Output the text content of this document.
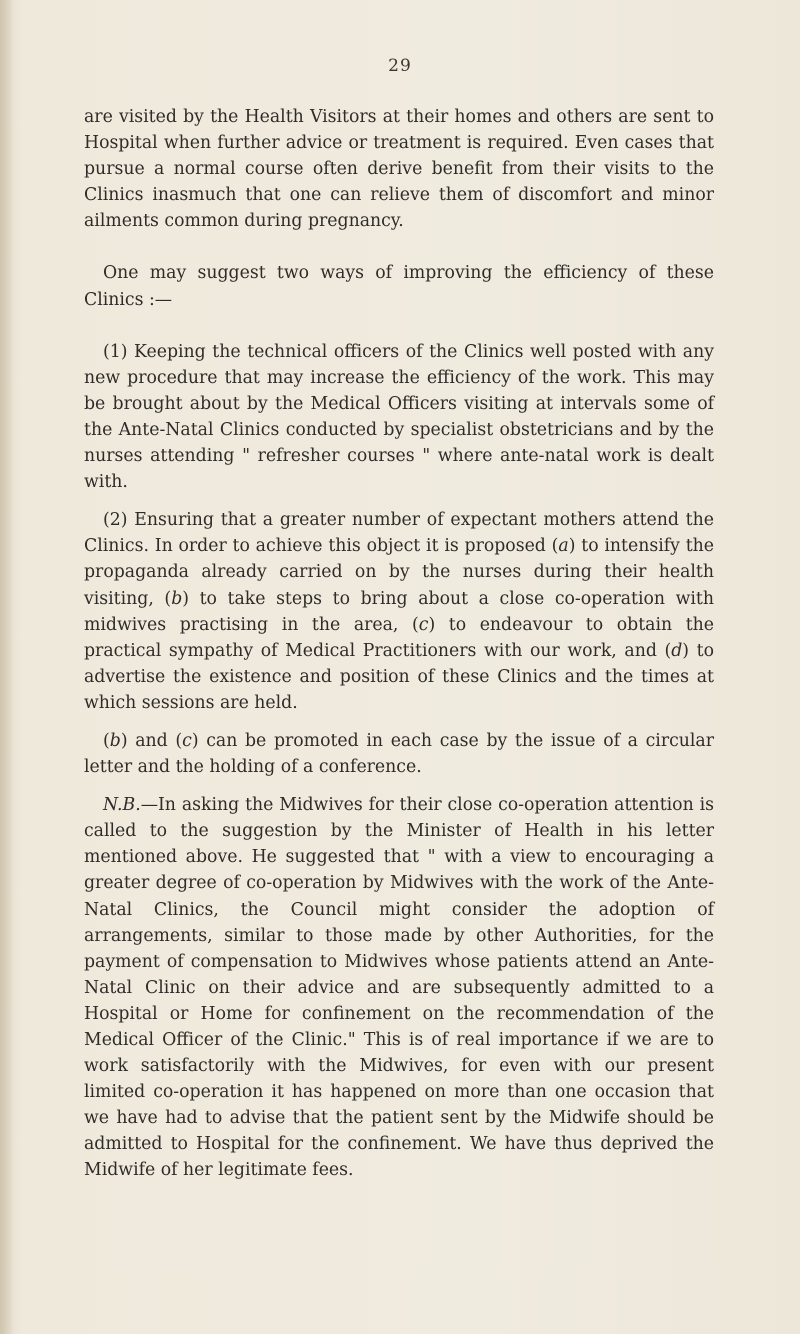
29

are visited by the Health Visitors at their homes and others are sent to Hospital when further advice or treatment is required. Even cases that pursue a normal course often derive benefit from their visits to the Clinics inasmuch that one can relieve them of discomfort and minor ailments common during pregnancy.

One may suggest two ways of improving the efficiency of these Clinics :—

(1) Keeping the technical officers of the Clinics well posted with any new procedure that may increase the efficiency of the work. This may be brought about by the Medical Officers visiting at intervals some of the Ante-Natal Clinics conducted by specialist obstetricians and by the nurses attending " refresher courses " where ante-natal work is dealt with.

(2) Ensuring that a greater number of expectant mothers attend the Clinics. In order to achieve this object it is proposed (a) to intensify the propaganda already carried on by the nurses during their health visiting, (b) to take steps to bring about a close co-operation with midwives practising in the area, (c) to endeavour to obtain the practical sympathy of Medical Practitioners with our work, and (d) to advertise the existence and position of these Clinics and the times at which sessions are held.

(b) and (c) can be promoted in each case by the issue of a circular letter and the holding of a conference.

N.B.—In asking the Midwives for their close co-operation attention is called to the suggestion by the Minister of Health in his letter mentioned above. He suggested that " with a view to encouraging a greater degree of co-operation by Midwives with the work of the Ante-Natal Clinics, the Council might consider the adoption of arrangements, similar to those made by other Authorities, for the payment of compensation to Midwives whose patients attend an Ante-Natal Clinic on their advice and are subsequently admitted to a Hospital or Home for confinement on the recommendation of the Medical Officer of the Clinic." This is of real importance if we are to work satisfactorily with the Midwives, for even with our present limited co-operation it has happened on more than one occasion that we have had to advise that the patient sent by the Midwife should be admitted to Hospital for the confinement. We have thus deprived the Midwife of her legitimate fees.
